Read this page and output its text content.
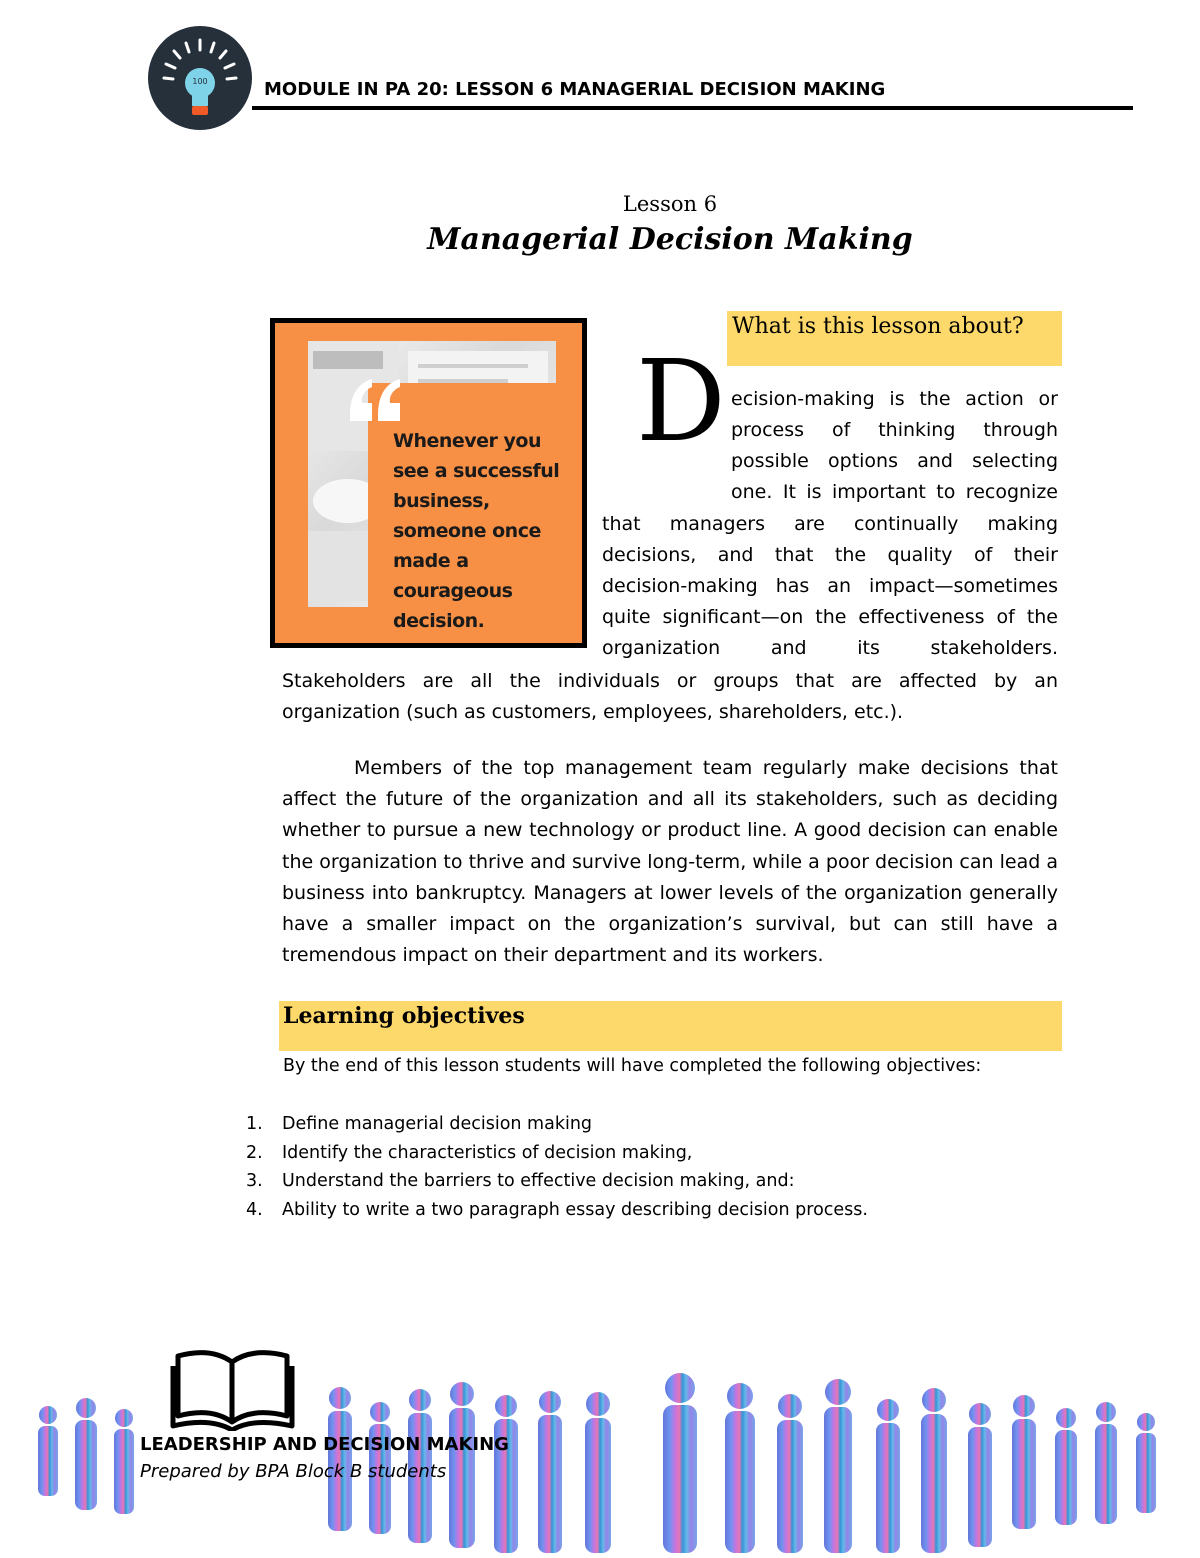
100	MODULE IN PA 20: LESSON 6 MANAGERIAL DECISION MAKING
Lesson 6
Managerial Decision Making
Whenever you
see a successful
business,
someone once
made a
courageous
decision.
What is this lesson about?
D ecision-making is the action or
process of thinking through
possible options and selecting
one. It is important to recognize
that managers are continually making
decisions, and that the quality of their
decision-making has an impact—sometimes
quite significant—on the effectiveness of the
organization and its stakeholders.
Stakeholders are all the individuals or groups that are affected by an
organization (such as customers, employees, shareholders, etc.).
Members of the top management team regularly make decisions that affect the future of the organization and all its stakeholders, such as deciding whether to pursue a new technology or product line. A good decision can enable the organization to thrive and survive long-term, while a poor decision can lead a business into bankruptcy. Managers at lower levels of the organization generally have a smaller impact on the organization’s survival, but can still have a tremendous impact on their department and its workers.
Learning objectives
By the end of this lesson students will have completed the following objectives:
1. Define managerial decision making
2. Identify the characteristics of decision making,
3. Understand the barriers to effective decision making, and:
4. Ability to write a two paragraph essay describing decision process.
LEADERSHIP AND DECISION MAKING
Prepared by BPA Block B students
